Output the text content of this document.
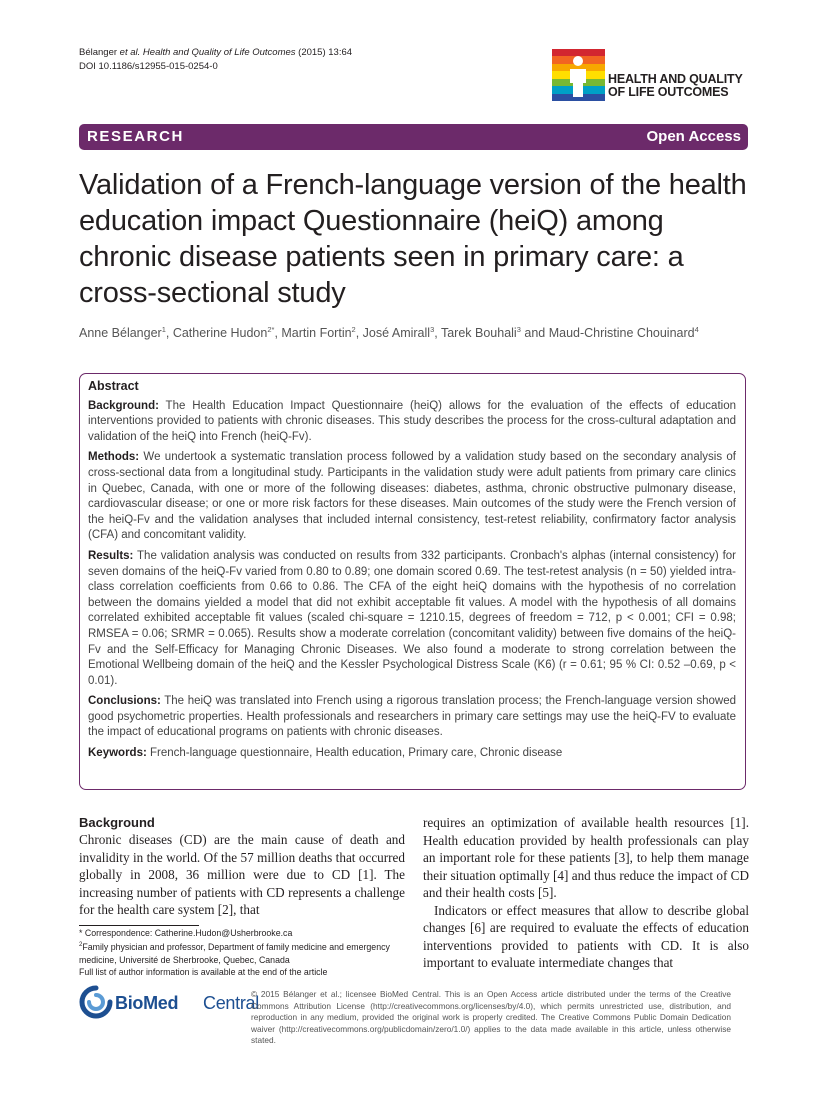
Bélanger et al. Health and Quality of Life Outcomes (2015) 13:64
DOI 10.1186/s12955-015-0254-0
HEALTH AND QUALITY
OF LIFE OUTCOMES
RESEARCH	Open Access
Validation of a French-language version of the health education impact Questionnaire (heiQ) among chronic disease patients seen in primary care: a cross-sectional study
Anne Bélanger$^1$, Catherine Hudon$^{2*}$, Martin Fortin$^2$, José Amirall$^3$, Tarek Bouhali$^3$ and Maud-Christine Chouinard$^4$
Abstract

Background: The Health Education Impact Questionnaire (heiQ) allows for the evaluation of the effects of education interventions provided to patients with chronic diseases. This study describes the process for the cross-cultural adaptation and validation of the heiQ into French (heiQ-Fv).

Methods: We undertook a systematic translation process followed by a validation study based on the secondary analysis of cross-sectional data from a longitudinal study. Participants in the validation study were adult patients from primary care clinics in Quebec, Canada, with one or more of the following diseases: diabetes, asthma, chronic obstructive pulmonary disease, cardiovascular disease; or one or more risk factors for these diseases. Main outcomes of the study were the French version of the heiQ-Fv and the validation analyses that included internal consistency, test-retest reliability, confirmatory factor analysis (CFA) and concomitant validity.

Results: The validation analysis was conducted on results from 332 participants. Cronbach's alphas (internal consistency) for seven domains of the heiQ-Fv varied from 0.80 to 0.89; one domain scored 0.69. The test-retest analysis (n = 50) yielded intra-class correlation coefficients from 0.66 to 0.86. The CFA of the eight heiQ domains with the hypothesis of no correlation between the domains yielded a model that did not exhibit acceptable fit values. A model with the hypothesis of all domains correlated exhibited acceptable fit values (scaled chi-square = 1210.15, degrees of freedom = 712, p < 0.001; CFI = 0.98; RMSEA = 0.06; SRMR = 0.065). Results show a moderate correlation (concomitant validity) between five domains of the heiQ-Fv and the Self-Efficacy for Managing Chronic Diseases. We also found a moderate to strong correlation between the Emotional Wellbeing domain of the heiQ and the Kessler Psychological Distress Scale (K6) (r = 0.61; 95 % CI: 0.52 –0.69, p < 0.01).

Conclusions: The heiQ was translated into French using a rigorous translation process; the French-language version showed good psychometric properties. Health professionals and researchers in primary care settings may use the heiQ-FV to evaluate the impact of educational programs on patients with chronic diseases.

Keywords: French-language questionnaire, Health education, Primary care, Chronic disease

Background

Chronic diseases (CD) are the main cause of death and invalidity in the world. Of the 57 million deaths that occurred globally in 2008, 36 million were due to CD [1]. The increasing number of patients with CD represents a challenge for the health care system [2], that

requires an optimization of available health resources [1]. Health education provided by health professionals can play an important role for these patients [3], to help them manage their situation optimally [4] and thus reduce the impact of CD and their health costs [5].

Indicators or effect measures that allow to describe global changes [6] are required to evaluate the effects of education interventions provided to patients with CD. It is also important to evaluate intermediate changes that

* Correspondence: Catherine.Hudon@Usherbrooke.ca

$^2$Family physician and professor, Department of family medicine and emergency medicine, Université de Sherbrooke, Quebec, Canada

Full list of author information is available at the end of the article

BioMed Central
© 2015 Bélanger et al.; licensee BioMed Central. This is an Open Access article distributed under the terms of the Creative Commons Attribution License (http://creativecommons.org/licenses/by/4.0), which permits unrestricted use, distribution, and reproduction in any medium, provided the original work is properly credited. The Creative Commons Public Domain Dedication waiver (http://creativecommons.org/publicdomain/zero/1.0/) applies to the data made available in this article, unless otherwise stated.
